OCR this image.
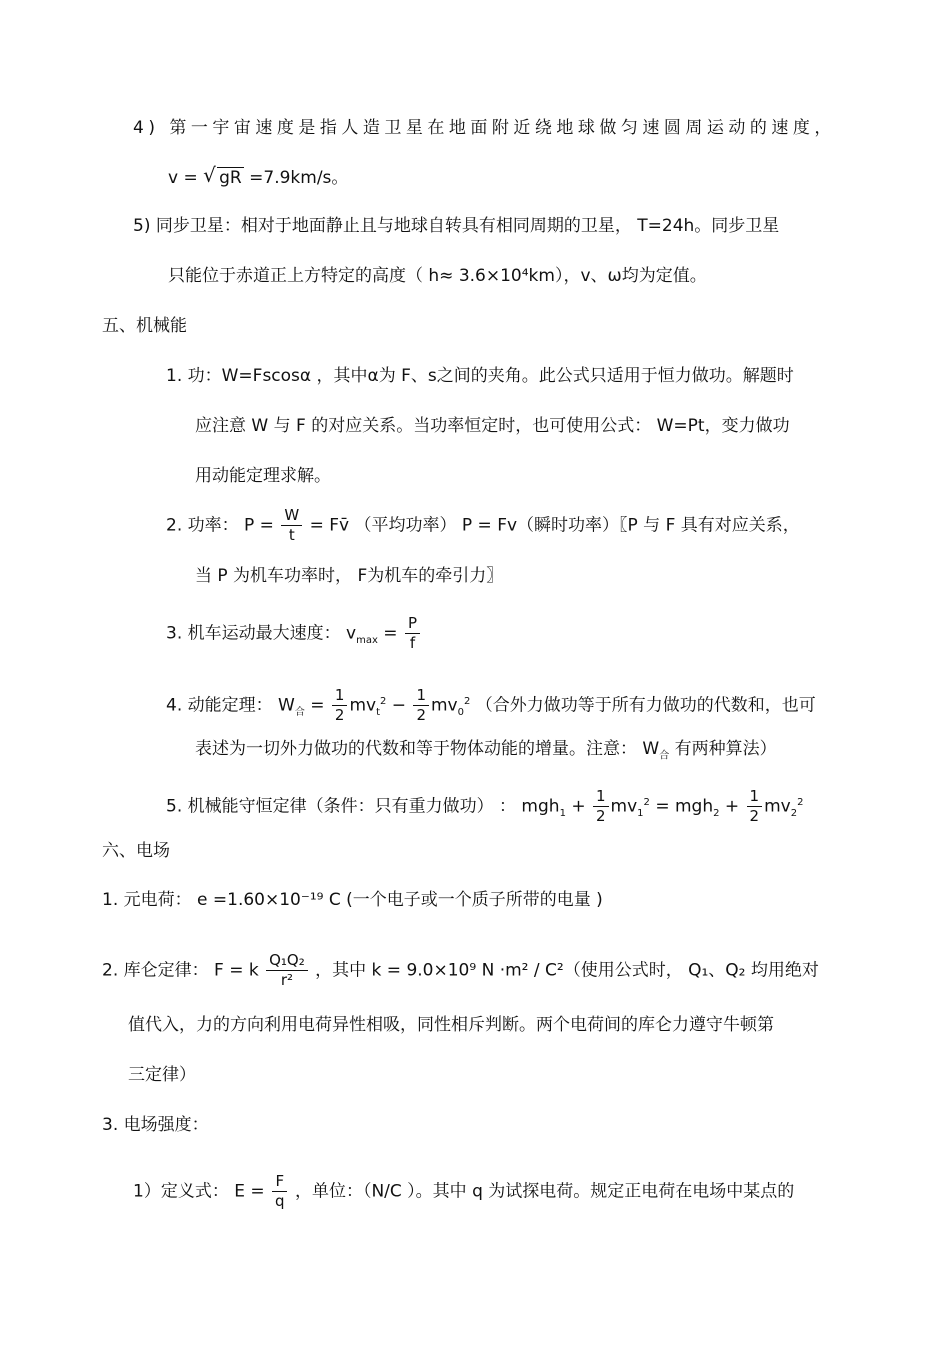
4) 第一宇宙速度是指人造卫星在地面附近绕地球做匀速圆周运动的速度，
v = √ gR =7.9km/s。
5) 同步卫星：相对于地面静止且与地球自转具有相同周期的卫星， T=24h。同步卫星
只能位于赤道正上方特定的高度（ h≈ 3.6×10⁴km），v、ω均为定值。
五、机械能
1. 功：W=Fscosα ，其中α为 F、s之间的夹角。此公式只适用于恒力做功。解题时
应注意 W 与 F 的对应关系。当功率恒定时，也可使用公式： W=Pt，变力做功
用动能定理求解。
2. 功率： $P = \frac{W}{t}$ = Fv̄ （平均功率） P = Fv（瞬时功率）〖P 与 F 具有对应关系，
当 P 为机车功率时， F为机车的牵引力〗
3. 机车运动最大速度： $v_{max} = \frac{P}{f}$
4. 动能定理： $W_合 = \frac{1}{2} mv_t^2 - \frac{1}{2} mv_0^2$ （合外力做功等于所有力做功的代数和，也可
表述为一切外力做功的代数和等于物体动能的增量。注意： $W_合$ 有两种算法）
5. 机械能守恒定律（条件：只有重力做功） ： $mgh_1 + \frac{1}{2} mv_1^2 = mgh_2 + \frac{1}{2} mv_2^2$
六、电场
1. 元电荷： e =1.60×10⁻¹⁹ C (一个电子或一个质子所带的电量 )
2. 库仑定律： F = k $\frac{\text{Q₁Q₂}}{\text{r²}}$ ，其中 k = 9.0×10⁹ N ·m² / C²（使用公式时， Q₁、Q₂ 均用绝对
值代入，力的方向利用电荷异性相吸，同性相斥判断。两个电荷间的库仑力遵守牛顿第
三定律）
3. 电场强度：
1）定义式： $E = \frac{F}{q}$ ，单位：（N/C ）。其中 q 为试探电荷。规定正电荷在电场中某点的
